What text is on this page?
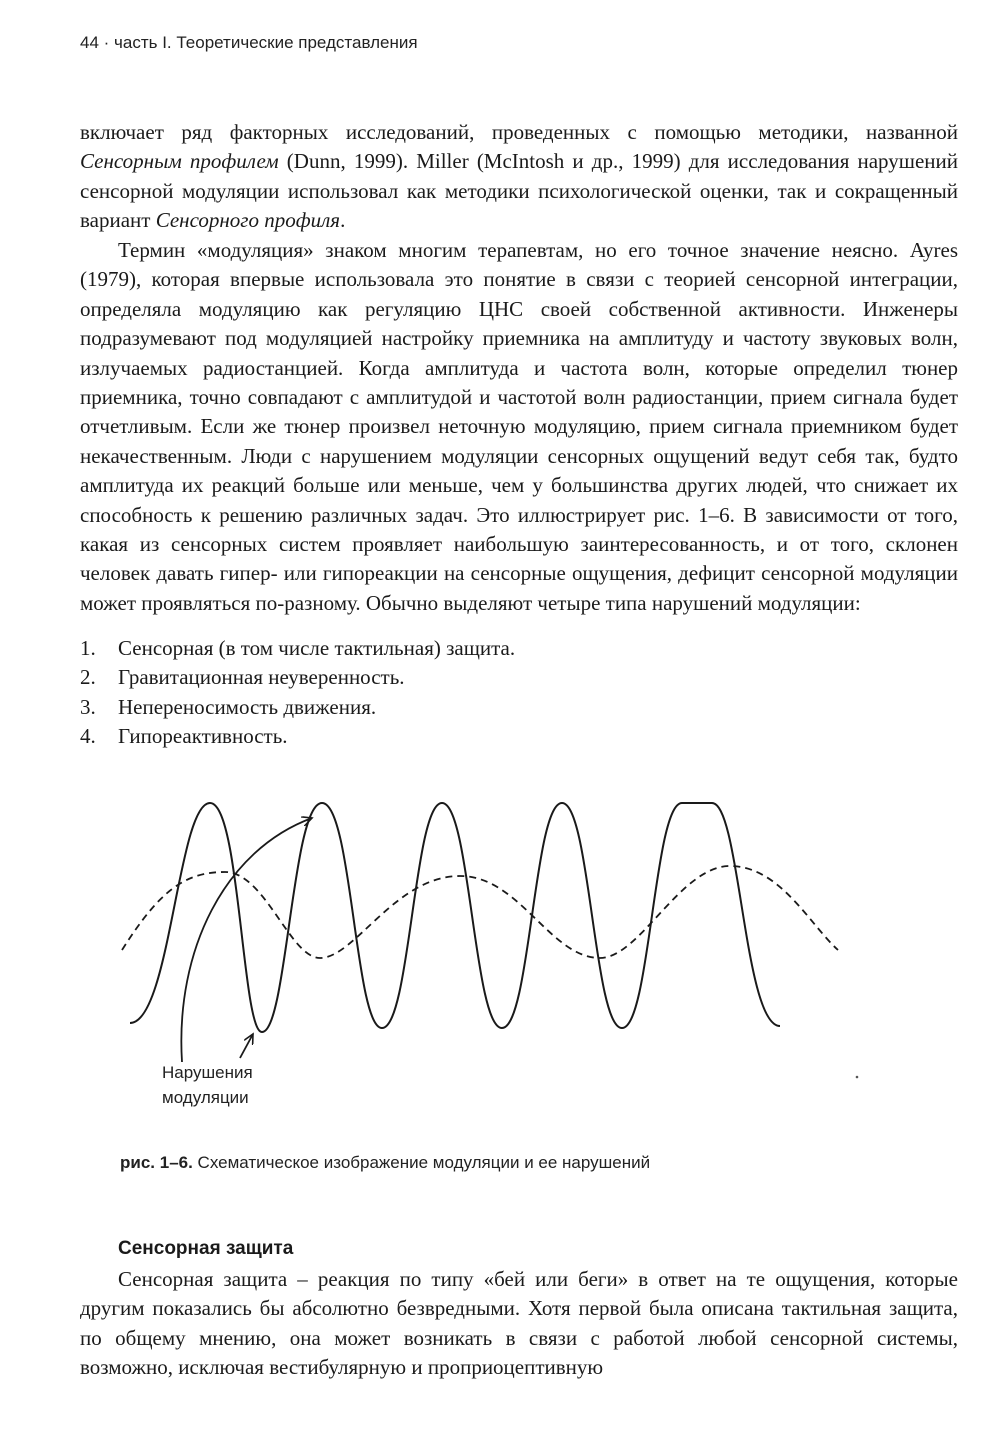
44 · часть I. Теоретические представления

включает ряд факторных исследований, проведенных с помощью методики, названной Сенсорным профилем (Dunn, 1999). Miller (McIntosh и др., 1999) для исследования нарушений сенсорной модуляции использовал как методики психологической оценки, так и сокращенный вариант Сенсорного профиля.

Термин «модуляция» знаком многим терапевтам, но его точное значение неясно. Ayres (1979), которая впервые использовала это понятие в связи с теорией сенсорной интеграции, определяла модуляцию как регуляцию ЦНС своей собственной активности. Инженеры подразумевают под модуляцией настройку приемника на амплитуду и частоту звуковых волн, излучаемых радиостанцией. Когда амплитуда и частота волн, которые определил тюнер приемника, точно совпадают с амплитудой и частотой волн радиостанции, прием сигнала будет отчетливым. Если же тюнер произвел неточную модуляцию, прием сигнала приемником будет некачественным. Люди с нарушением модуляции сенсорных ощущений ведут себя так, будто амплитуда их реакций больше или меньше, чем у большинства других людей, что снижает их способность к решению различных задач. Это иллюстрирует рис. 1–6. В зависимости от того, какая из сенсорных систем проявляет наибольшую заинтересованность, и от того, склонен человек давать гипер- или гипореакции на сенсорные ощущения, дефицит сенсорной модуляции может проявляться по-разному. Обычно выделяют четыре типа нарушений модуляции:

1.	Сенсорная (в том числе тактильная) защита.
2.	Гравитационная неуверенность.
3.	Непереносимость движения.
4.	Гипореактивность.
Нарушения
модуляции
рис. 1–6. Схематическое изображение модуляции и ее нарушений
Сенсорная защита

Сенсорная защита – реакция по типу «бей или беги» в ответ на те ощущения, которые другим показались бы абсолютно безвредными. Хотя первой была описана тактильная защита, по общему мнению, она может возникать в связи с работой любой сенсорной системы, возможно, исключая вестибулярную и проприоцептивную
